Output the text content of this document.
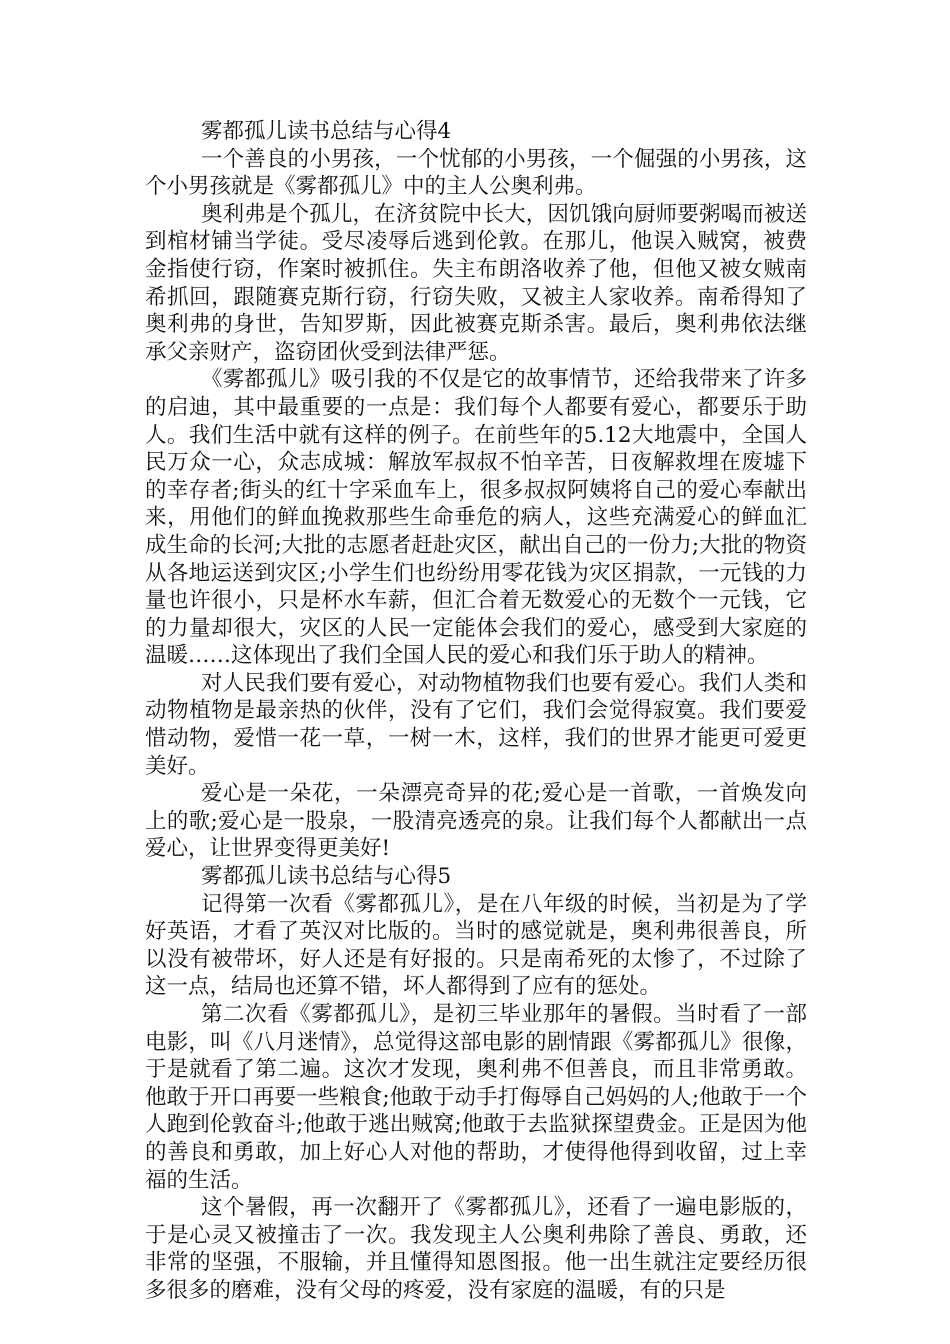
雾都孤儿读书总结与心得4

一个善良的小男孩，一个忧郁的小男孩，一个倔强的小男孩，这个小男孩就是《雾都孤儿》中的主人公奥利弗。

奥利弗是个孤儿，在济贫院中长大，因饥饿向厨师要粥喝而被送到棺材铺当学徒。受尽凌辱后逃到伦敦。在那儿，他误入贼窝，被费金指使行窃，作案时被抓住。失主布朗洛收养了他，但他又被女贼南希抓回，跟随赛克斯行窃，行窃失败，又被主人家收养。南希得知了奥利弗的身世，告知罗斯，因此被赛克斯杀害。最后，奥利弗依法继承父亲财产，盗窃团伙受到法律严惩。

《雾都孤儿》吸引我的不仅是它的故事情节，还给我带来了许多的启迪，其中最重要的一点是：我们每个人都要有爱心，都要乐于助人。我们生活中就有这样的例子。在前些年的5.12大地震中，全国人民万众一心，众志成城：解放军叔叔不怕辛苦，日夜解救埋在废墟下的幸存者;街头的红十字采血车上，很多叔叔阿姨将自己的爱心奉献出来，用他们的鲜血挽救那些生命垂危的病人，这些充满爱心的鲜血汇成生命的长河;大批的志愿者赶赴灾区，献出自己的一份力;大批的物资从各地运送到灾区;小学生们也纷纷用零花钱为灾区捐款，一元钱的力量也许很小，只是杯水车薪，但汇合着无数爱心的无数个一元钱，它的力量却很大，灾区的人民一定能体会我们的爱心，感受到大家庭的温暖……这体现出了我们全国人民的爱心和我们乐于助人的精神。

对人民我们要有爱心，对动物植物我们也要有爱心。我们人类和动物植物是最亲热的伙伴，没有了它们，我们会觉得寂寞。我们要爱惜动物，爱惜一花一草，一树一木，这样，我们的世界才能更可爱更美好。

爱心是一朵花，一朵漂亮奇异的花;爱心是一首歌，一首焕发向上的歌;爱心是一股泉，一股清亮透亮的泉。让我们每个人都献出一点爱心，让世界变得更美好!

雾都孤儿读书总结与心得5

记得第一次看《雾都孤儿》，是在八年级的时候，当初是为了学好英语，才看了英汉对比版的。当时的感觉就是，奥利弗很善良，所以没有被带坏，好人还是有好报的。只是南希死的太惨了，不过除了这一点，结局也还算不错，坏人都得到了应有的惩处。

第二次看《雾都孤儿》，是初三毕业那年的暑假。当时看了一部电影，叫《八月迷情》，总觉得这部电影的剧情跟《雾都孤儿》很像，于是就看了第二遍。这次才发现，奥利弗不但善良，而且非常勇敢。他敢于开口再要一些粮食;他敢于动手打侮辱自己妈妈的人;他敢于一个人跑到伦敦奋斗;他敢于逃出贼窝;他敢于去监狱探望费金。正是因为他的善良和勇敢，加上好心人对他的帮助，才使得他得到收留，过上幸福的生活。

这个暑假，再一次翻开了《雾都孤儿》，还看了一遍电影版的，于是心灵又被撞击了一次。我发现主人公奥利弗除了善良、勇敢，还非常的坚强，不服输，并且懂得知恩图报。他一出生就注定要经历很多很多的磨难，没有父母的疼爱，没有家庭的温暖，有的只是
